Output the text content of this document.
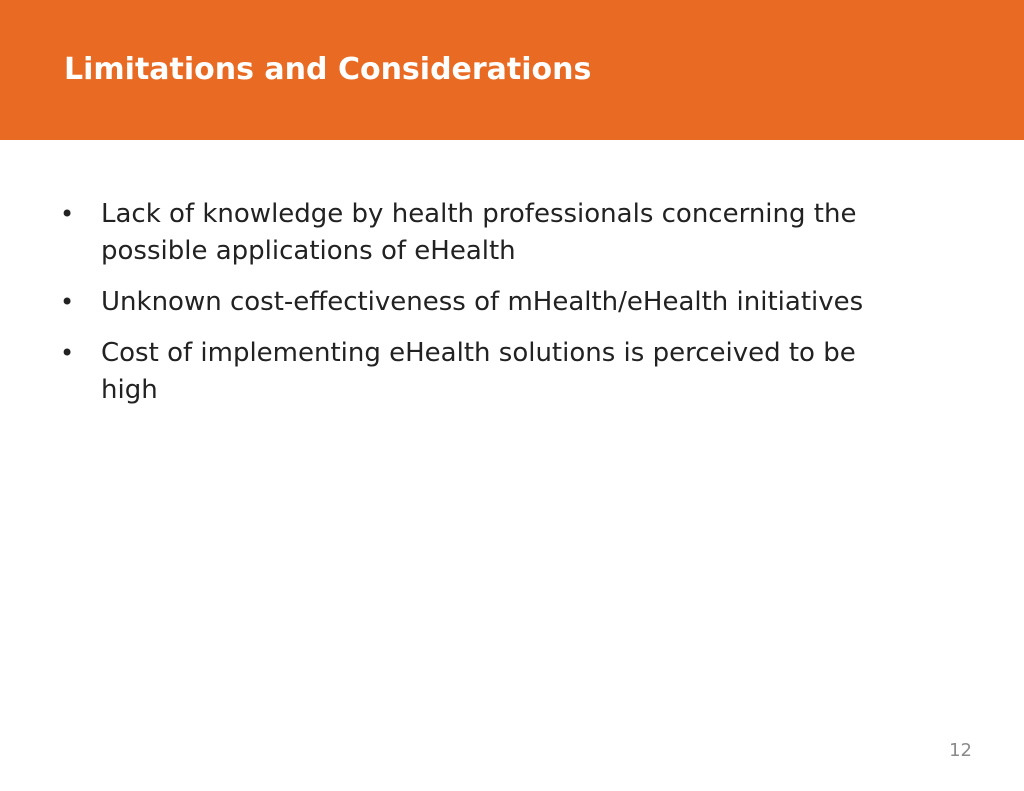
Limitations and Considerations
• Lack of knowledge by health professionals concerning the possible applications of eHealth
• Unknown cost-effectiveness of mHealth/eHealth initiatives
• Cost of implementing eHealth solutions is perceived to be high
12
